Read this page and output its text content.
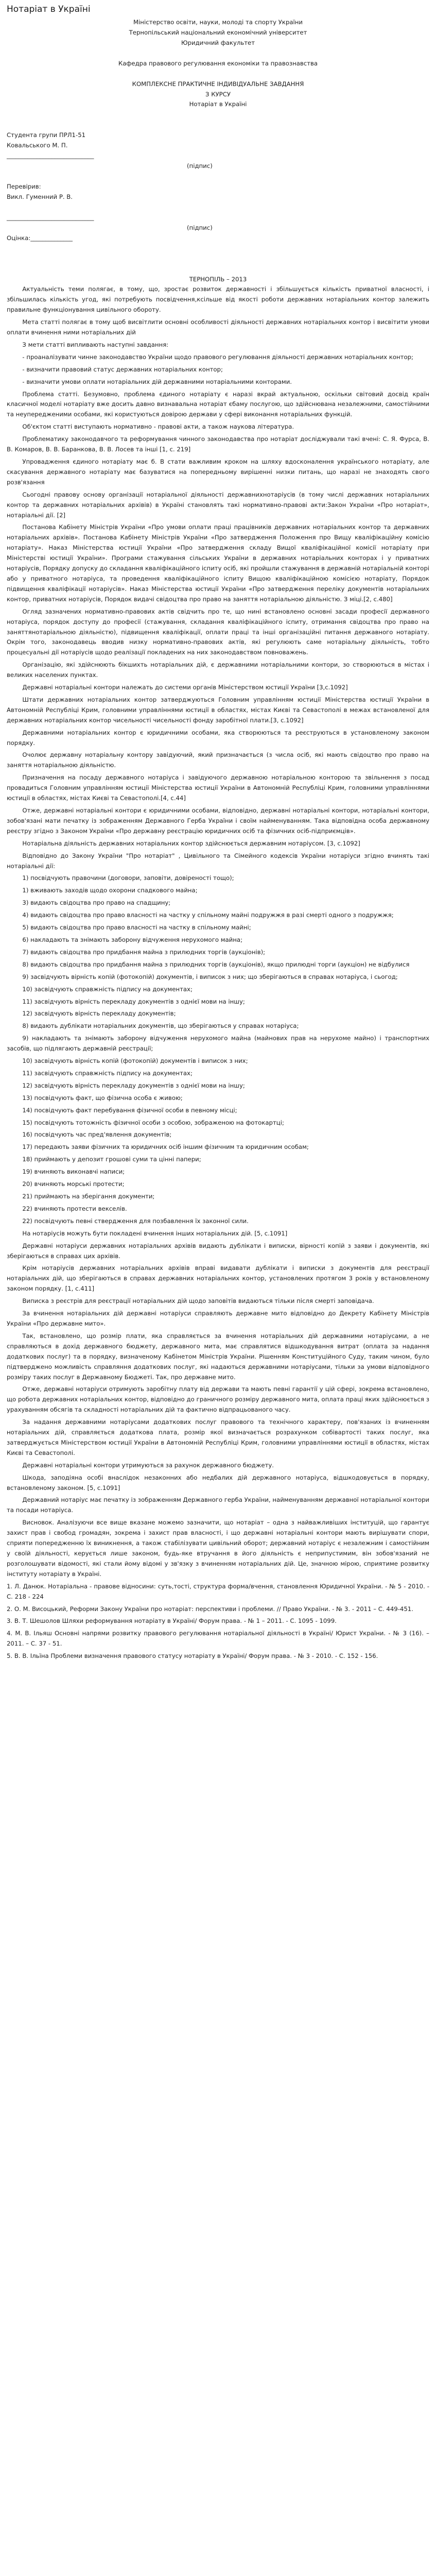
Нотаріат в Україні

Міністерство освіти, науки, молоді та спорту України

Тернопільський національний економічний університет

Юридичний факультет

Кафедра правового регулювання економіки та правознавства

КОМПЛЕКСНЕ ПРАКТИЧНЕ ІНДИВІДУАЛЬНЕ ЗАВДАННЯ

З КУРСУ

Нотаріат в Україні

Студента групи ПРЛ1-51

Ковальського М. П.

_____________________________

(підпис)

Перевірив:

Викл. Гуменний Р. В.

_____________________________

(підпис)

Оцінка:______________

ТЕРНОПІЛЬ – 2013

Актуальність теми полягає, в тому, що, зростає розвиток державності і збільшується кількість приватної власності, і збільшилась кількість угод, які потребують посвідчення,ксільше від якості роботи державних нотаріальних контор залежить правильне функціонування цивільного обороту.

Мета статті полягає в тому щоб висвітлити основні особливості діяльності державних нотаріальних контор і висвітити умови оплати вчинення ними нотаріальних дій

З мети статті випливають наступні завдання:

- проаналізувати чинне законодавство України щодо правового регулювання діяльності державних нотаріальних контор;

- визначити правовий статус державних нотаріальних контор;

- визначити умови оплати нотаріальних дій державними нотаріальними конторами.

Проблема статті. Безумовно, проблема єдиного нотаріату є наразі вкрай актуальною, оскільки світовий досвід країн класичної моделі нотаріату вже досить давно визнавальна нотаріат єбаму послугою, що здійснювана незалежними, самостійними та неупередженими особами, які користуються довірою держави у сфері виконання нотаріальних функцій.

Об'єктом статті виступають нормативно - правові акти, а також наукова література.

Проблематику законодавчого та реформування чинного законодавства про нотаріат досліджували такі вчені: С. Я. Фурса, В. В. Комаров, В. В. Баранкова, В. В. Лосев та інші [1, с. 219]

Упровадження єдиного нотаріату має б. В стати важливим кроком на шляху вдосконалення українського нотаріату, але скасування державного нотаріату має базуватися на попередньому вирішенні низки питань, що наразі не знаходять свого розв'язання

Сьогодні правову основу організації нотаріальної діяльності державнихнотаріусів (в тому числі державних нотаріальних контор та державних нотаріальних архівів) в Україні становлять такі нормативно-правові акти:Закон України «Про нотаріат», нотаріальні дії. [2]

Постанова Кабінету Міністрів України «Про умови оплати праці працівників державних нотаріальних контор та державних нотаріальних архівів». Постанова Кабінету Міністрів України «Про затвердження Положення про Вищу кваліфікаційну комісію нотаріату». Наказ Міністерства юстиції України «Про затвердження складу Вищої кваліфікаційної комісії нотаріату при Міністерстві юстиції України». Програми стажування сільських України в державних нотаріальних конторах і у приватних нотаріусів, Порядку допуску до складання кваліфікаційного іспиту осіб, які пройшли стажування в державній нотаріальній конторі або у приватного нотаріуса, та проведення кваліфікаційного іспиту Вищою кваліфікаційною комісією нотаріату, Порядок підвищення кваліфікації нотаріусів». Наказ Міністерства юстиції України «Про затвердження переліку документів нотаріальних контор, приватних нотаріусів, Порядок видачі свідоцтва про право на заняття нотаріальною діяльністю. З міці.[2, с.480]

Огляд зазначених нормативно-правових актів свідчить про те, що нині встановлено основні засади професії державного нотаріуса, порядок доступу до професії (стажування, складання кваліфікаційного іспиту, отримання свідоцтва про право на заняттянотаріальною діяльністю), підвищення кваліфікації, оплати праці та інші організаційні питання державного нотаріату. Окрім того, законодавець вводив низку нормативно-правових актів, які регулюють саме нотаріальну діяльність, тобто процесуальні дії нотаріусів щодо реалізації покладених на них законодавством повноважень.

Організацію, які здійснюють бікшихть нотаріальних дій, є державними нотаріальними контори, зо створюються в містах і великих населених пунктах.

Державні нотаріальні контори належать до системи органів Міністерством юстиції України [3,с.1092]

Штати державних нотаріальних контор затверджуються Головним управлінням юстиції Міністерства юстиції України в Автономній Республіці Крим, головними управліннями юстиції в областях, містах Києві та Севастополі в межах встановленої для державних нотаріальних контор чисельності чисельності фонду заробітної плати.[3, с.1092]

Державними нотаріальних контор є юридичними особами, яка створюються та реєструються в установленому законом порядку.

Очолює державну нотаріальну контору завідуючий, який призначається (з числа осіб, які мають свідоцтво про право на заняття нотаріальною діяльністю.

Призначення на посаду державного нотаріуса і завідуючого державною нотаріальною конторою та звільнення з посад провадиться Головним управлінням юстиції Міністерства юстиції України в Автономній Республіці Крим, головними управліннями юстиції в областях, містах Києві та Севастополі.[4, с.44]

Отже, державні нотаріальні контори є юридичними особами, відповідно, державні нотаріальні контори, нотаріальні контори, зобов'язані мати печатку із зображенням Державного Герба України і своїм найменуванням. Така відповідна особа державному реєстру згідно з Законом України «Про державну реєстрацію юридичних осіб та фізичних осіб-підприємців».

Нотаріальна діяльність державних нотаріальних контор здійснюється державним нотаріусом. [3, с.1092]

Відповідно до Закону України "Про нотаріат" , Цивільного та Сімейного кодексів України нотаріуси згідно вчинять такі нотаріальні дії:

1) посвідчують правочини (договори, заповіти, довіреності тощо);

1) вживають заходів щодо охорони спадкового майна;

3) видають свідоцтва про право на спадщину;

4) видають свідоцтва про право власності на частку у спільному майні подружжя в разі смерті одного з подружжя;

5) видають свідоцтва про право власності на частку в спільному майні;

6) накладають та знімають заборону відчуження нерухомого майна;

7) видають свідоцтва про придбання майна з прилюдних торгів (аукціонів);

8) видають свідоцтва про придбання майна з прилюдних торгів (аукціонів), якщо прилюдні торги (аукціон) не відбулися

9) засвідчують вірність копій (фотокопій) документів, і виписок з них; що зберігаються в справах нотаріуса, і сьогод;

10) засвідчують справжність підпису на документах;

11) засвідчують вірність перекладу документів з однієї мови на іншу;

12) засвідчують вірність перекладу документів;

8) видають дублікати нотаріальних документів, що зберігаються у справах нотаріуса;

9) накладають та знімають заборону відчуження нерухомого майна (майнових прав на нерухоме майно) і транспортних засобів, що підлягають державній реєстрації;

10) засвідчують вірність копій (фотокопій) документів і виписок з них;

11) засвідчують справжність підпису на документах;

12) засвідчують вірність перекладу документів з однієї мови на іншу;

13) посвідчують факт, що фізична особа є живою;

14) посвідчують факт перебування фізичної особи в певному місці;

15) посвідчують тотожність фізичної особи з особою, зображеною на фотокартці;

16) посвідчують час пред'явлення документів;

17) передають заяви фізичних та юридичних осіб іншим фізичним та юридичним особам;

18) приймають у депозит грошові суми та цінні папери;

19) вчиняють виконавчі написи;

20) вчиняють морські протести;

21) приймають на зберігання документи;

22) вчиняють протести векселів.

22) посвідчують певні ствердження для позбавлення їх законної сили.

На нотаріусів можуть бути покладені вчинення інших нотаріальних дій. [5, с.1091]

Державні нотаріуси державних нотаріальних архівів видають дублікати і виписки, вірності копій з заяви і документів, які зберігаються в справах цих архівів.

Крім нотаріусів державних нотаріальних архівів вправі видавати дублікати і виписки з документів для реєстрації нотаріальних дій, що зберігаються в справах державних нотаріальних контор, установлених протягом 3 років у встановленому законом порядку. [1, с.411]

Виписка з реєстрів для реєстрації нотаріальних дій щодо заповітів видаються тільки після смерті заповідача.

За вчинення нотаріальних дій державні нотаріуси справляють державне мито відповідно до Декрету Кабінету Міністрів України «Про державне мито».

Так, встановлено, що розмір плати, яка справляється за вчинення нотаріальних дій державними нотаріусами, а не справляються в дохід державного бюджету, державного мита, має справлятися відшкодування витрат (оплата за надання додаткових послуг) та в порядку, визначеному Кабінетом Міністрів України. Рішенням Конституційного Суду, таким чином, було підтверджено можливість справляння додаткових послуг, які надаються державними нотаріусами, тільки за умови відповідного розміру таких послуг в Державному Бюджеті. Так, про державне мито.

Отже, державні нотаріуси отримують заробітну плату від держави та мають певні гарантії у цій сфері, зокрема встановлено, що робота державних нотаріальних контор, відповідно до граничного розміру державного мита, оплата праці яких здійснюється з урахуванням обсягів та складності нотаріальних дій та фактично відпрацьованого часу.

За надання державними нотаріусами додаткових послуг правового та технічного характеру, пов'язаних із вчиненням нотаріальних дій, справляється додаткова плата, розмір якої визначається розрахунком собівартості таких послуг, яка затверджується Міністерством юстиції України в Автономній Республіці Крим, головними управліннями юстиції в областях, містах Києві та Севастополі.

Державні нотаріальні контори утримуються за рахунок державного бюджету.

Шкода, заподіяна особі внаслідок незаконних або недбалих дій державного нотаріуса, відшкодовується в порядку, встановленому законом. [5, с.1091]

Державний нотаріус має печатку із зображенням Державного герба України, найменуванням державної нотаріальної контори та посади нотаріуса.

Висновок. Аналізуючи все вище вказане можемо зазначити, що нотаріат – одна з найважливіших інституцій, що гарантує захист прав і свобод громадян, зокрема і захист прав власності, і що державні нотаріальні контори мають вирішувати спори, сприяти попередженню їх виникнення, а також стабілізувати цивільний оборот; державний нотаріус є незалежним і самостійним у своїй діяльності, керується лише законом, будь-яке втручання в його діяльність є неприпустимим, він зобов'язаний не розголошувати відомості, які стали йому відомі у зв'язку з вчиненням нотаріальних дій. Це, значною мірою, сприятиме розвитку інституту нотаріату в Україні.

1. Л. Данюк. Нотаріальна - правове відносини: суть,тості, структура форма/вчення, становлення Юридичної України. - № 5 - 2010. - С. 218 - 224

2. О. М. Висоцький, Реформи Закону України про нотаріат: перспективи і проблеми. // Право України. - № 3. - 2011 – С. 449-451.

3. В. Т. Шешолов Шляхи реформування нотаріату в Україні/ Форум права. - № 1 – 2011. - С. 1095 - 1099.

4. М. В. Ільяш Основні напрями розвитку правового регулювання нотаріальної діяльності в Україні/ Юрист України. - № 3 (16). – 2011. – С. 37 - 51.

5. В. В. Ільїна Проблеми визначення правового статусу нотаріату в Україні/ Форум права. - № 3 - 2010. - С. 152 - 156.
